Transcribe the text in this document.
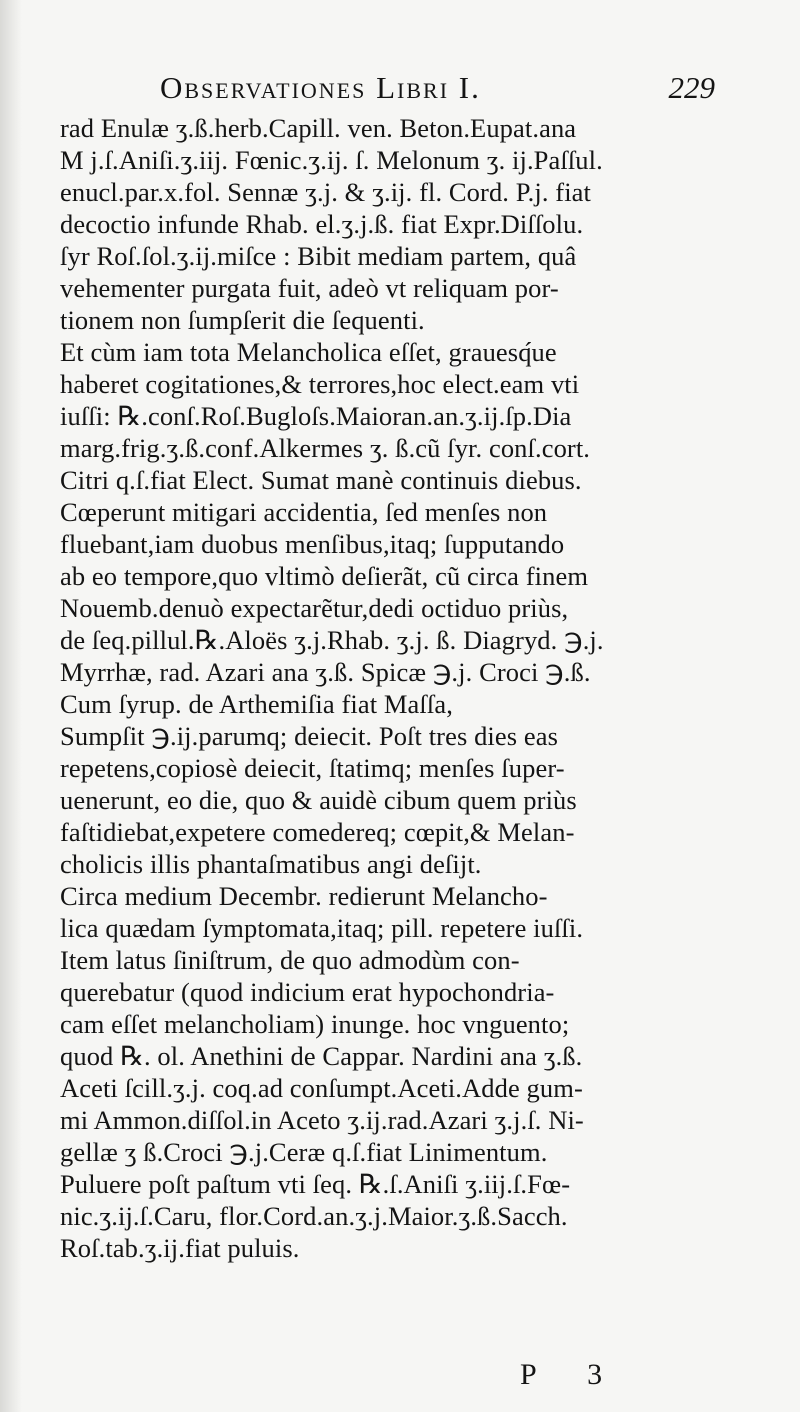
Observationes Libri I.	229
rad Enulæ ʒ.ß.herb.Capill. ven. Beton.Eupat.ana
M j.ſ.Aniſi.ʒ.iij. Fœnic.ʒ.ij. ſ. Melonum ʒ. ij.Paſſul.
enucl.par.x.fol. Sennæ ʒ.j. & ʒ.ij. fl. Cord. P.j. fiat
decoctio infunde Rhab. el.ʒ.j.ß. fiat Expr.Diſſolu.
ſyr Roſ.ſol.ʒ.ij.miſce : Bibit mediam partem, quâ
vehementer purgata fuit, adeò vt reliquam por-
tionem non ſumpſerit die ſequenti.
Et cùm iam tota Melancholica eſſet, grauesq́ue
haberet cogitationes,& terrores,hoc elect.eam vti
iuſſi: ℞.conſ.Roſ.Bugloſs.Maioran.an.ʒ.ij.ſp.Dia
marg.frig.ʒ.ß.conf.Alkermes ʒ. ß.cũ ſyr. conſ.cort.
Citri q.ſ.fiat Elect. Sumat manè continuis diebus.
Cœperunt mitigari accidentia, ſed menſes non
fluebant,iam duobus menſibus,itaq; ſupputando
ab eo tempore,quo vltimò deſierãt, cũ circa finem
Nouemb.denuò expectarẽtur,dedi octiduo priùs,
de ſeq.pillul.℞.Aloës ʒ.j.Rhab. ʒ.j. ß. Diagryd. ℈.j.
Myrrhæ, rad. Azari ana ʒ.ß. Spicæ ℈.j. Croci ℈.ß.
Cum ſyrup. de Arthemiſia fiat Maſſa,
Sumpſit ℈.ij.parumq; deiecit. Poſt tres dies eas
repetens,copiosè deiecit, ſtatimq; menſes ſuper-
uenerunt, eo die, quo & auidè cibum quem priùs
faſtidiebat,expetere comedereq; cœpit,& Melan-
cholicis illis phantaſmatibus angi deſijt.
Circa medium Decembr. redierunt Melancho-
lica quædam ſymptomata,itaq; pill. repetere iuſſi.
Item latus ſiniſtrum, de quo admodùm con-
querebatur (quod indicium erat hypochondria-
cam eſſet melancholiam) inunge. hoc vnguento;
quod ℞. ol. Anethini de Cappar. Nardini ana ʒ.ß.
Aceti ſcill.ʒ.j. coq.ad conſumpt.Aceti.Adde gum-
mi Ammon.diſſol.in Aceto ʒ.ij.rad.Azari ʒ.j.ſ. Ni-
gellæ ʒ ß.Croci ℈.j.Ceræ q.ſ.fiat Linimentum.
Puluere poſt paſtum vti ſeq. ℞.ſ.Aniſi ʒ.iij.ſ.Fœ-
nic.ʒ.ij.ſ.Caru, flor.Cord.an.ʒ.j.Maior.ʒ.ß.Sacch.
Roſ.tab.ʒ.ij.fiat puluis.
P 3
